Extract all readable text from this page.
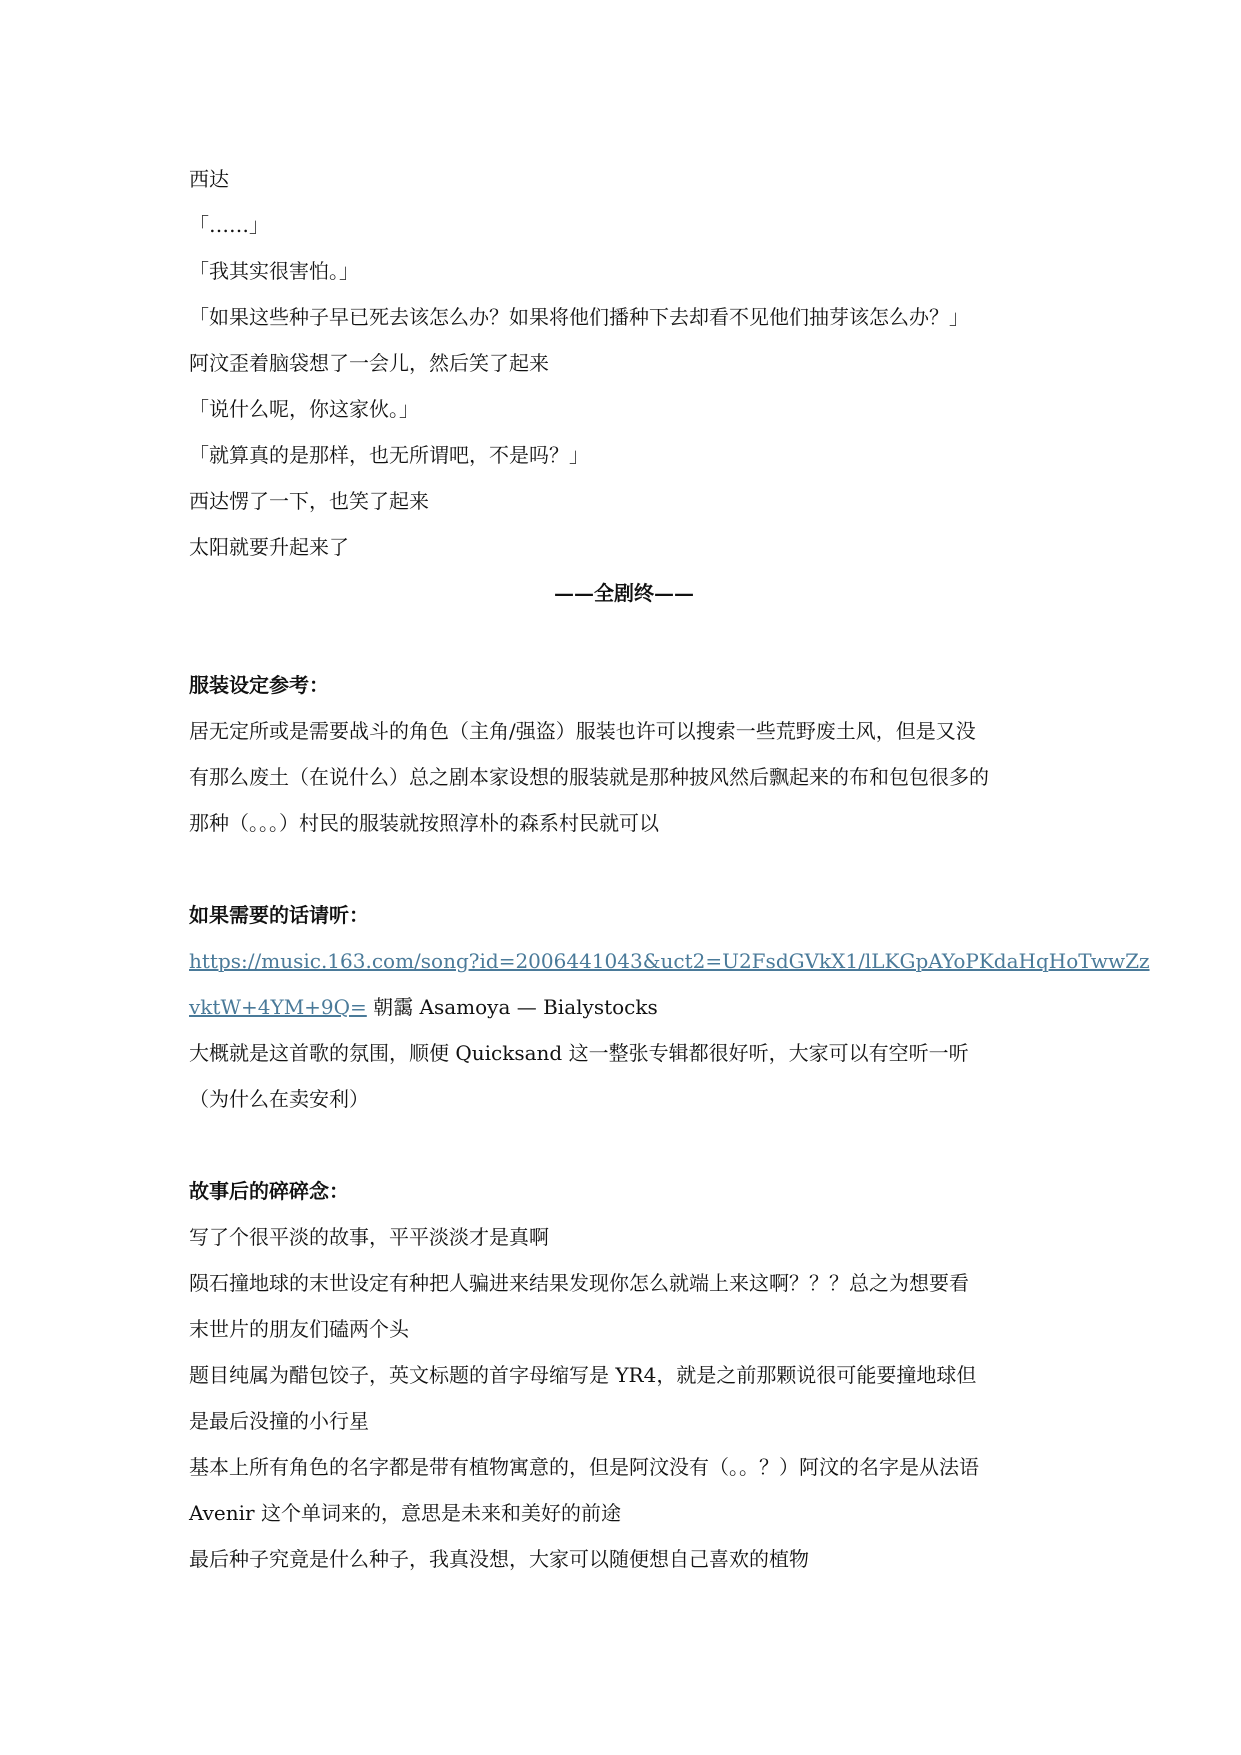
西达

「……」

「我其实很害怕。」

「如果这些种子早已死去该怎么办？如果将他们播种下去却看不见他们抽芽该怎么办？」

阿汶歪着脑袋想了一会儿，然后笑了起来

「说什么呢，你这家伙。」

「就算真的是那样，也无所谓吧，不是吗？」

西达愣了一下，也笑了起来

太阳就要升起来了

——全剧终——

服装设定参考：

居无定所或是需要战斗的角色（主角/强盗）服装也许可以搜索一些荒野废土风，但是又没

有那么废土（在说什么）总之剧本家设想的服装就是那种披风然后飘起来的布和包包很多的

那种（。。。）村民的服装就按照淳朴的森系村民就可以

如果需要的话请听：

https://music.163.com/song?id=2006441043&uct2=U2FsdGVkX1/lLKGpAYoPKdaHqHoTwwZz

vktW+4YM+9Q= 朝靄 Asamoya — Bialystocks

大概就是这首歌的氛围，顺便 Quicksand 这一整张专辑都很好听，大家可以有空听一听

（为什么在卖安利）

故事后的碎碎念：

写了个很平淡的故事，平平淡淡才是真啊

陨石撞地球的末世设定有种把人骗进来结果发现你怎么就端上来这啊？？？总之为想要看

末世片的朋友们磕两个头

题目纯属为醋包饺子，英文标题的首字母缩写是 YR4，就是之前那颗说很可能要撞地球但

是最后没撞的小行星

基本上所有角色的名字都是带有植物寓意的，但是阿汶没有（。。？）阿汶的名字是从法语

Avenir 这个单词来的，意思是未来和美好的前途

最后种子究竟是什么种子，我真没想，大家可以随便想自己喜欢的植物
